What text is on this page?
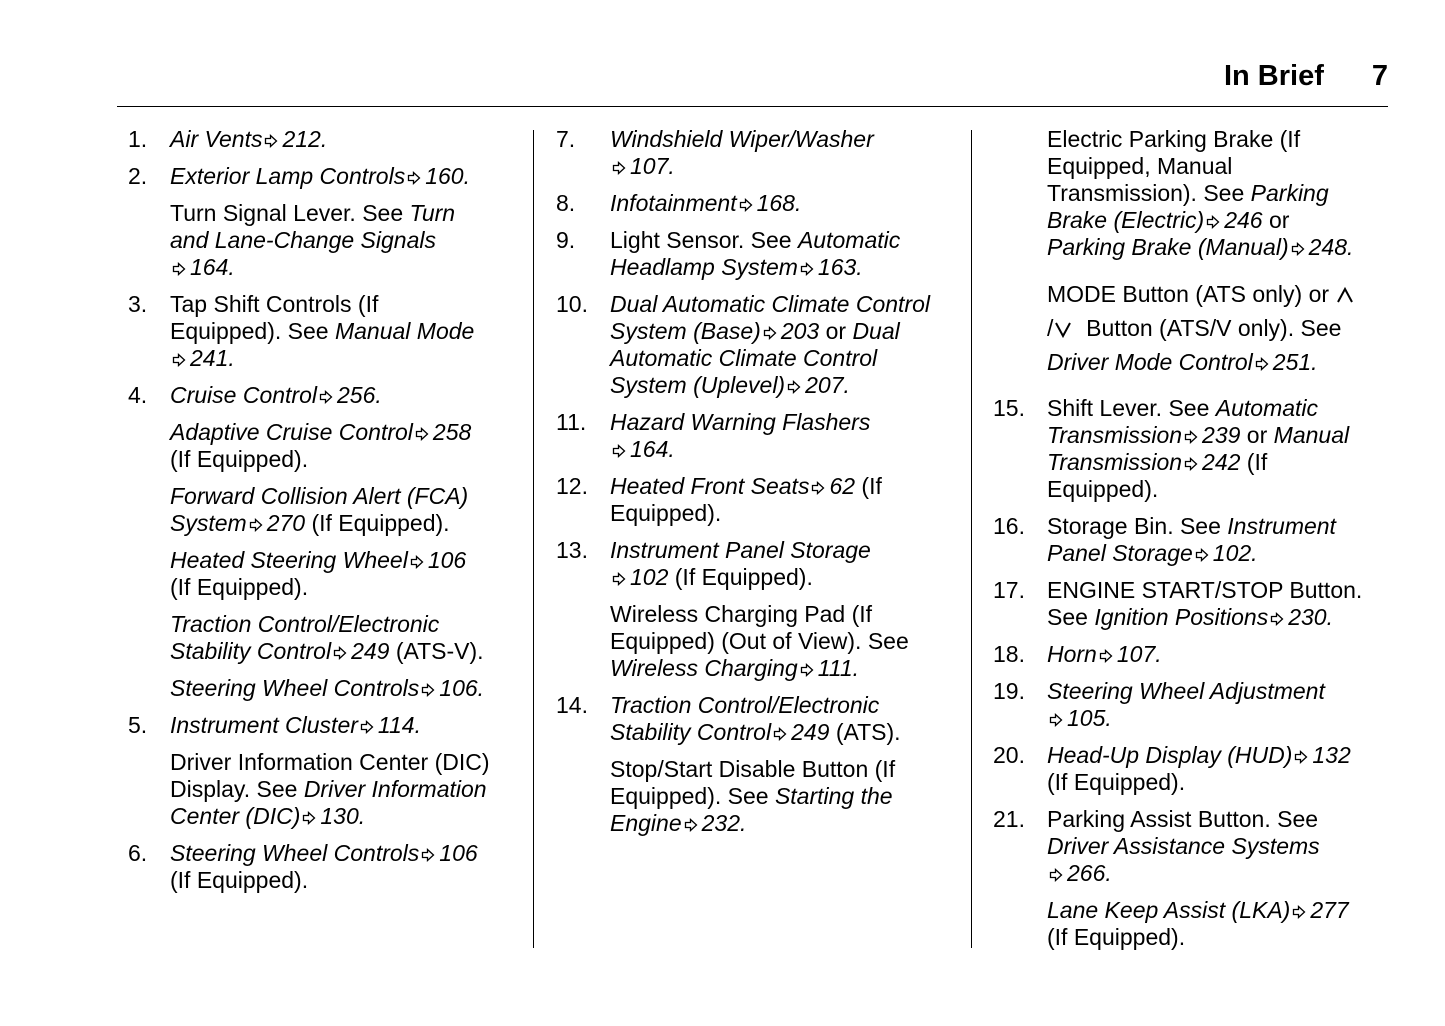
In Brief 7
1. Air Vents 212.
2. Exterior Lamp Controls 160.
Turn Signal Lever. See Turn
and Lane-Change Signals
164.
3. Tap Shift Controls (If
Equipped). See Manual Mode
241.
4. Cruise Control 256.
Adaptive Cruise Control 258
(If Equipped).
Forward Collision Alert (FCA)
System 270 (If Equipped).
Heated Steering Wheel 106
(If Equipped).
Traction Control/Electronic
Stability Control 249 (ATS-V).
Steering Wheel Controls 106.
5. Instrument Cluster 114.
Driver Information Center (DIC)
Display. See Driver Information
Center (DIC) 130.
6. Steering Wheel Controls 106
(If Equipped).
7. Windshield Wiper/Washer
107.
8. Infotainment 168.
9. Light Sensor. See Automatic
Headlamp System 163.
10. Dual Automatic Climate Control
System (Base) 203 or Dual
Automatic Climate Control
System (Uplevel) 207.
11. Hazard Warning Flashers
164.
12. Heated Front Seats 62 (If
Equipped).
13. Instrument Panel Storage
102 (If Equipped).
Wireless Charging Pad (If
Equipped) (Out of View). See
Wireless Charging 111.
14. Traction Control/Electronic
Stability Control 249 (ATS).
Stop/Start Disable Button (If
Equipped). See Starting the
Engine 232.
Electric Parking Brake (If
Equipped, Manual
Transmission). See Parking
Brake (Electric) 246 or
Parking Brake (Manual) 248.
MODE Button (ATS only) or
/ Button (ATS/V only). See
Driver Mode Control 251.
15. Shift Lever. See Automatic
Transmission 239 or Manual
Transmission 242 (If
Equipped).
16. Storage Bin. See Instrument
Panel Storage 102.
17. ENGINE START/STOP Button.
See Ignition Positions 230.
18. Horn 107.
19. Steering Wheel Adjustment
105.
20. Head-Up Display (HUD) 132
(If Equipped).
21. Parking Assist Button. See
Driver Assistance Systems
266.
Lane Keep Assist (LKA) 277
(If Equipped).
